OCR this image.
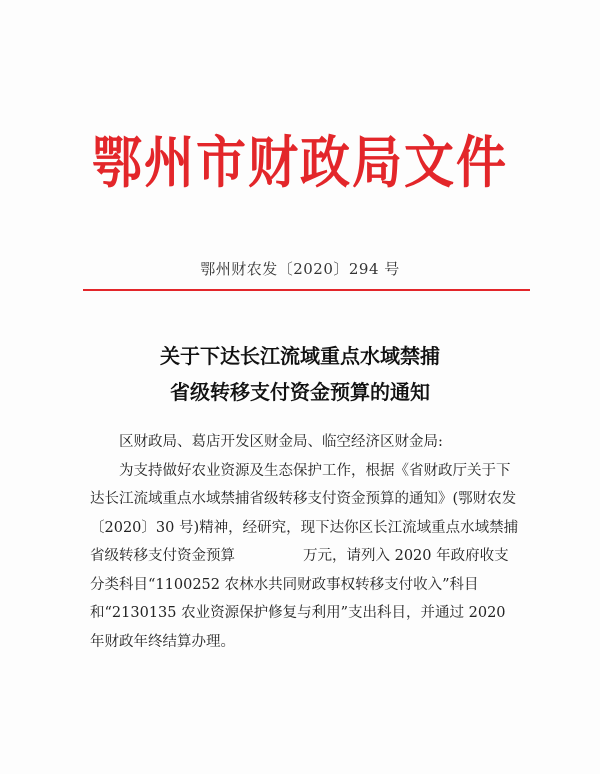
鄂州市财政局文件
鄂州财农发〔2020〕294 号
关于下达长江流域重点水域禁捕
省级转移支付资金预算的通知

区财政局、葛店开发区财金局、临空经济区财金局:

为支持做好农业资源及生态保护工作，根据《省财政厅关于下达长江流域重点水域禁捕省级转移支付资金预算的通知》(鄂财农发〔2020〕30 号)精神，经研究，现下达你区长江流域重点水域禁捕省级转移支付资金预算	万元，请列入 2020 年政府收支分类科目“1100252 农林水共同财政事权转移支付收入”科目和“2130135 农业资源保护修复与利用”支出科目，并通过 2020 年财政年终结算办理。
